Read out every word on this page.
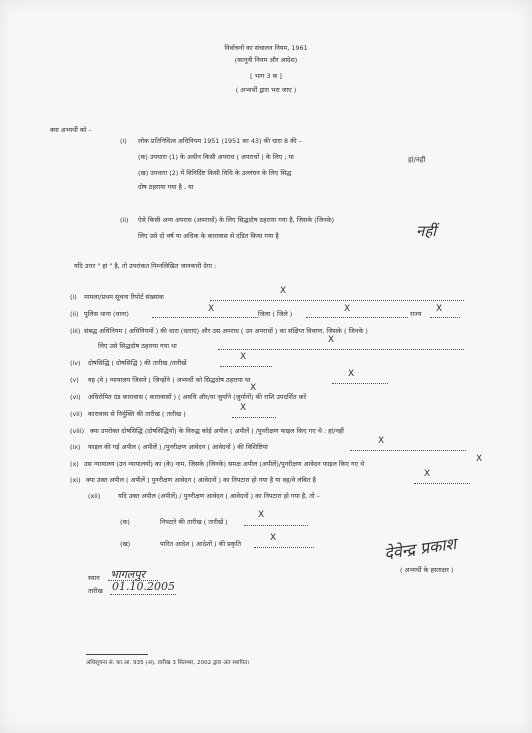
निर्वाचनों का संचालन नियम, 1961
(कानूनी नियम और आदेश)
[ भाग 3 क ]
( अभ्यर्थी द्वारा भरा जाए )
क्या अभ्यर्थी को –
(i) लोक प्रतिनिधित्व अधिनियम 1951 (1951 का 43) की धारा 8 की –
(क) उपधारा (1) के अधीन किसी अपराध ( अपराधों ) के लिए ; या
(ख) उपधारा (2) में विनिर्दिष्ट किसी विधि के उल्लंघन के लिए सिद्ध
दोष ठहराया गया है , या
हां/नहीं
(ii) ऐसे किसी अन्य अपराध (अपराधों) के लिए सिद्धदोष ठहराया गया है, जिसके (जिनके)
लिए उसे दो वर्ष या अधिक के कारावास से दंडित किया गया है	नहीं
यदि उत्तर " हां " है, तो उपरांकत निम्नलिखित जानकारी देगा :
(i) मामला/प्रथम सूचना रिपोर्ट संख्यांक
X
(ii) पुलिस थाना (थाना)	X	जिला ( जिले )	X	राज्य X
(iii) संबद्ध अधिनियम ( अधिनियमों ) की धारा (धाराएं) और उस अपराध ( उन अपराधों ) का संक्षिप्त विवरण, जिसके ( जिनके )
लिए उसे सिद्धदोष ठहराया गया था
X
(iv) दोषसिद्धि ( दोषसिद्धि ) की तारीख /तारीखें
X
(v) वह (वे ) न्यायालय जिसने ( जिन्होंने ) अभ्यर्थी को सिद्धदोष ठहराया था
X
(vi) अधिरोपित दंड कारावास ( कारावासों ) ( अवधि और/या जुर्माने (जुर्मानों) की राशि उपदर्शित करें
X
(vii) कारावास से निर्मुक्ति की तारीख ( तारीख )
X
(viii) क्या उपरोक्त दोषसिद्धि (दोषसिद्धियों) के विरुद्ध कोई अपील ( अपीलें ) /पुनरीक्षण फाइल किए गए थे : हां/नहीं
(ix) फाइल की गई अपील ( अपीलें ) /पुनरीक्षण आवेदन ( आवेदनों ) की विशिष्टियां
X
(x) उस न्यायालय (उन न्यायालयों) का (के) नाम, जिसके (जिनके) समक्ष अपील (अपीलें)/पुनरीक्षण आवेदन फाइल किए गए थे	X
(xi) क्या उक्त अपील ( अपीलें ) पुनरीक्षण आवेदन ( आवेदनों ) का निपटारा हो गया है या वह/वे लंबित है
X
(xii)	यदि उक्त अपील (अपीलें) / पुनरीक्षण आवेदन ( आवेदनों ) का निपटारा हो गया है, तो –
(क)	निपटारे की तारीख ( तारीखें )
X
(ख)	पारित आदेश ( आदेशों ) की प्रकृति
X	देवेन्द्र प्रकाश
( अभ्यर्थी के हस्ताक्षर )
स्थान भागलपुर
तारीख 01.10.2005
अधिसूचना सं. का.आ. 935 (अ), तारीख 3 सितम्बर, 2002 द्वारा अंत स्थापित।
